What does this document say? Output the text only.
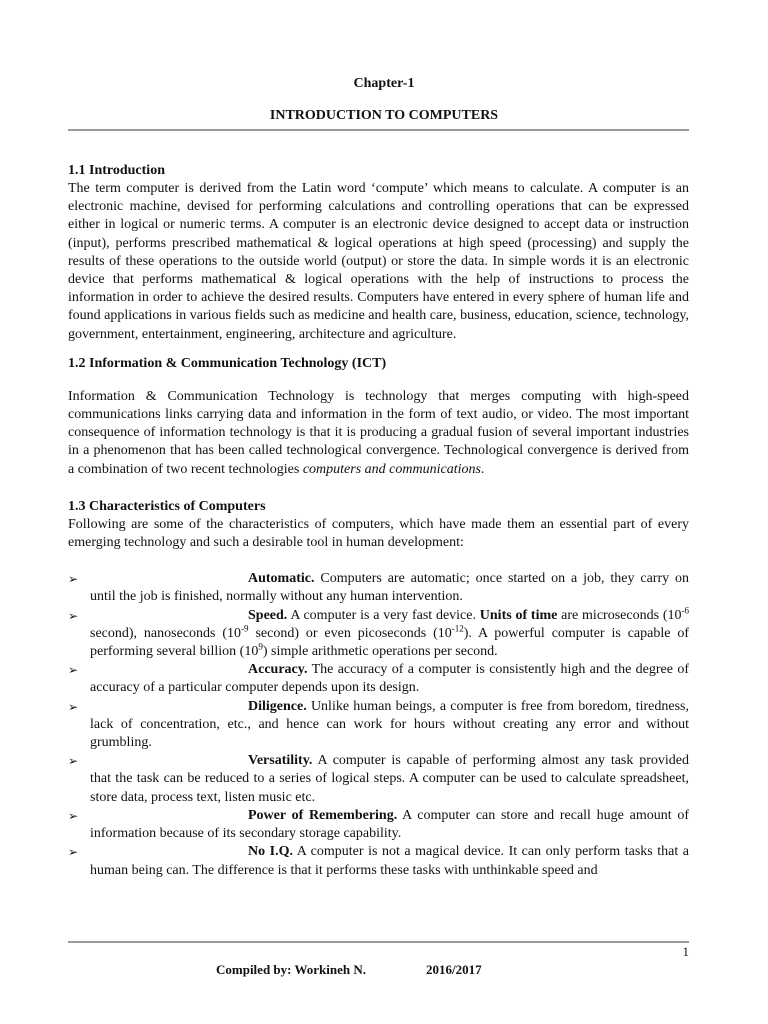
Chapter-1
INTRODUCTION TO COMPUTERS
1.1 Introduction

The term computer is derived from the Latin word ‘compute’ which means to calculate. A computer is an electronic machine, devised for performing calculations and controlling operations that can be expressed either in logical or numeric terms. A computer is an electronic device designed to accept data or instruction (input), performs prescribed mathematical & logical operations at high speed (processing) and supply the results of these operations to the outside world (output) or store the data. In simple words it is an electronic device that performs mathematical & logical operations with the help of instructions to process the information in order to achieve the desired results. Computers have entered in every sphere of human life and found applications in various fields such as medicine and health care, business, education, science, technology, government, entertainment, engineering, architecture and agriculture.

1.2 Information & Communication Technology (ICT)

Information & Communication Technology is technology that merges computing with high-speed communications links carrying data and information in the form of text audio, or video. The most important consequence of information technology is that it is producing a gradual fusion of several important industries in a phenomenon that has been called technological convergence. Technological convergence is derived from a combination of two recent technologies computers and communications.

1.3 Characteristics of Computers

Following are some of the characteristics of computers, which have made them an essential part of every emerging technology and such a desirable tool in human development:

➢	Automatic. Computers are automatic; once started on a job, they carry on until the job is finished, normally without any human intervention.
➢	Speed. A computer is a very fast device. Units of time are microseconds ($10^{-6}$ second), nanoseconds ($10^{-9}$ second) or even picoseconds $(10^{-12})$. A powerful computer is capable of performing several billion $(10^9)$ simple arithmetic operations per second.
➢	Accuracy. The accuracy of a computer is consistently high and the degree of accuracy of a particular computer depends upon its design.
➢	Diligence. Unlike human beings, a computer is free from boredom, tiredness, lack of concentration, etc., and hence can work for hours without creating any error and without grumbling.
➢	Versatility. A computer is capable of performing almost any task provided that the task can be reduced to a series of logical steps. A computer can be used to calculate spreadsheet, store data, process text, listen music etc.
➢	Power of Remembering. A computer can store and recall huge amount of information because of its secondary storage capability.
➢	No I.Q. A computer is not a magical device. It can only perform tasks that a human being can. The difference is that it performs these tasks with unthinkable speed and
1
Compiled by: Workineh N.	2016/2017
